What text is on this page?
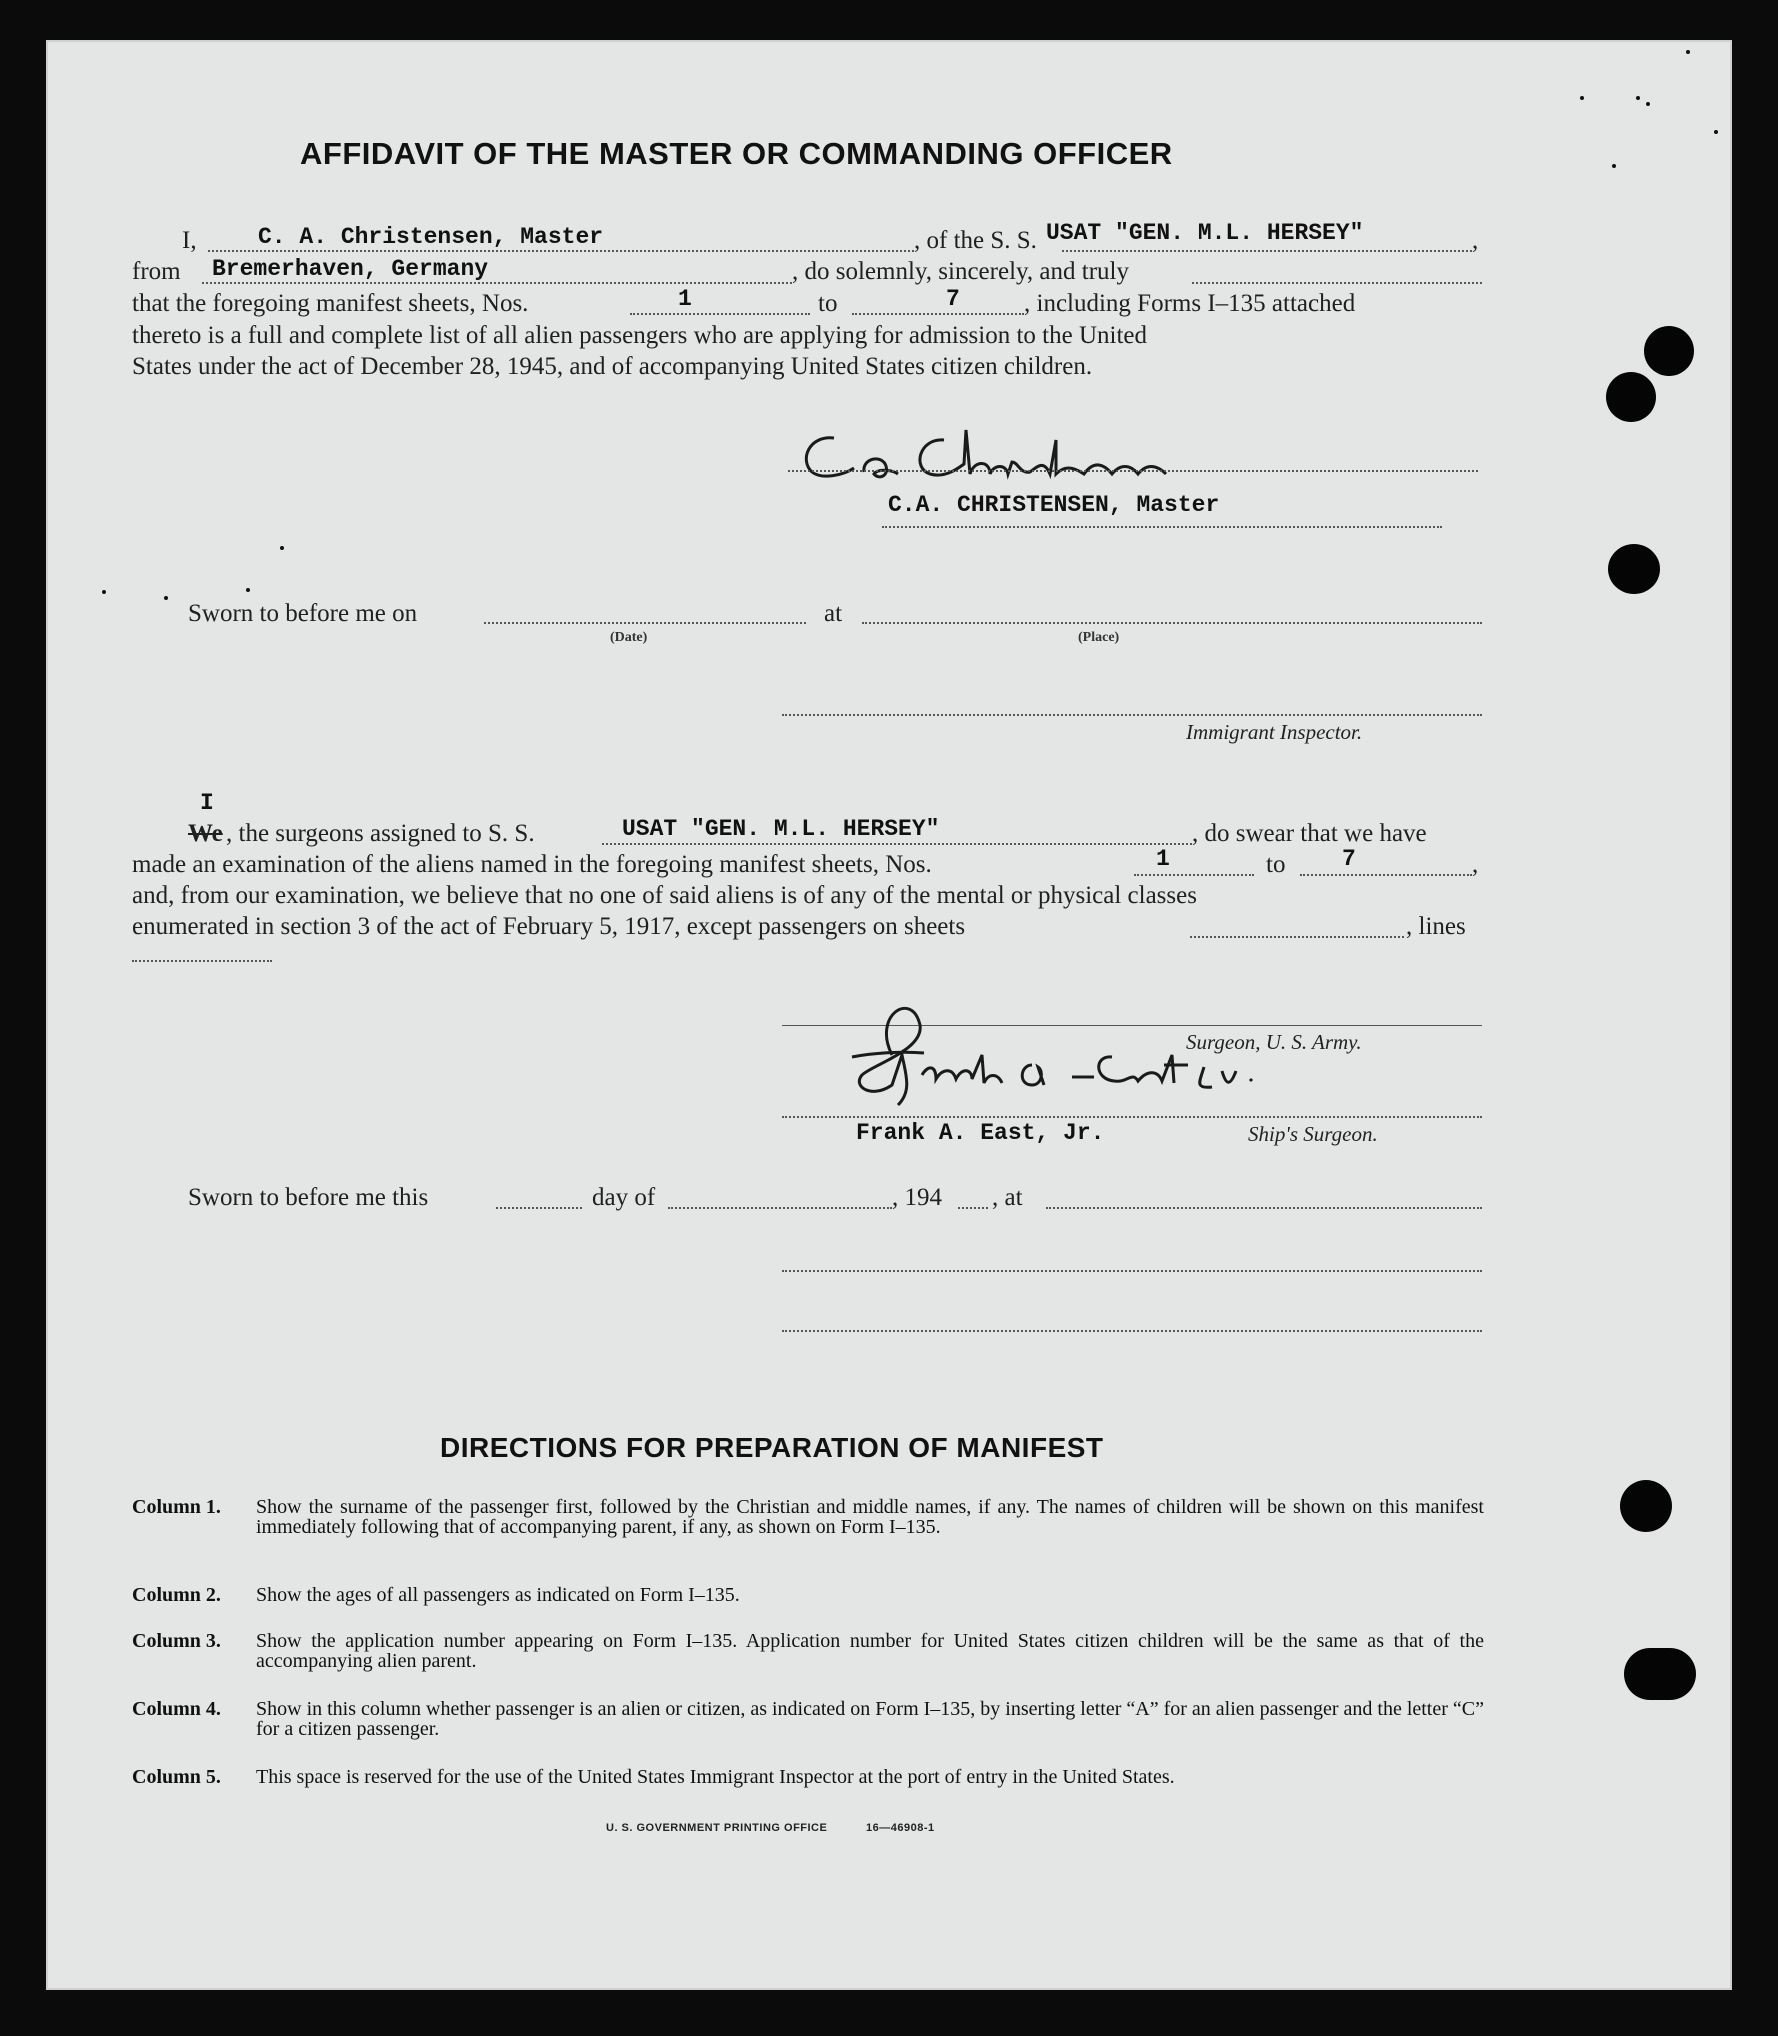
AFFIDAVIT OF THE MASTER OR COMMANDING OFFICER
I,	C. A. Christensen, Master	, of the S. S. USAT "GEN. M.L. HERSEY"	,
from Bremerhaven, Germany	, do solemnly, sincerely, and truly
that the foregoing manifest sheets, Nos.	1	to	7	, including Forms I–135 attached
thereto is a full and complete list of all alien passengers who are applying for admission to the United
States under the act of December 28, 1945, and of accompanying United States citizen children.
C.A. Christensen
C.A. CHRISTENSEN, Master
Sworn to before me on
(Date)
at
(Place)
Immigrant Inspector.
I
We , the surgeons assigned to S. S.	USAT "GEN. M.L. HERSEY"	, do swear that we have
made an examination of the aliens named in the foregoing manifest sheets, Nos.	1	to 7	,
and, from our examination, we believe that no one of said aliens is of any of the mental or physical classes
enumerated in section 3 of the act of February 5, 1917, except passengers on sheets	, lines
Surgeon, U. S. Army.
Frank A. East Jr.
Frank A. East, Jr.	Ship's Surgeon.
Sworn to before me this	day of	, 194 , at
DIRECTIONS FOR PREPARATION OF MANIFEST
Column 1. Show the surname of the passenger first, followed by the Christian and middle names, if any. The names of children will be shown on this manifest immediately following that of accompanying parent, if any, as shown on Form I–135.
Column 2. Show the ages of all passengers as indicated on Form I–135.
Column 3. Show the application number appearing on Form I–135. Application number for United States citizen children will be the same as that of the accompanying alien parent.
Column 4. Show in this column whether passenger is an alien or citizen, as indicated on Form I–135, by inserting letter “A” for an alien passenger and the letter “C” for a citizen passenger.
Column 5. This space is reserved for the use of the United States Immigrant Inspector at the port of entry in the United States.
U. S. GOVERNMENT PRINTING OFFICE	16—46908-1
